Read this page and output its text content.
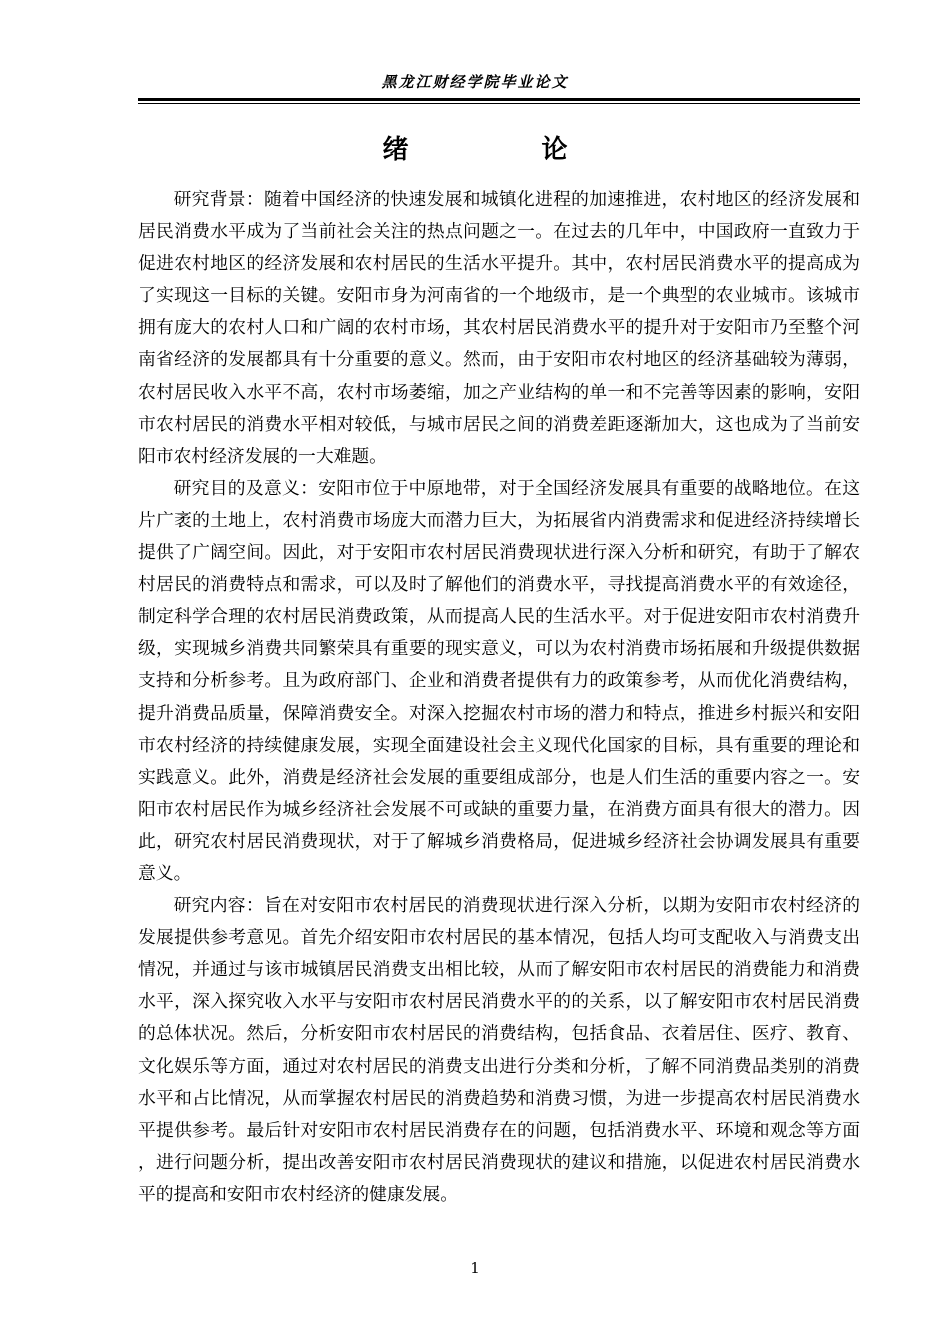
黑龙江财经学院毕业论文
绪 论

研究背景：随着中国经济的快速发展和城镇化进程的加速推进，农村地区的经济发展和居民消费水平成为了当前社会关注的热点问题之一。在过去的几年中，中国政府一直致力于促进农村地区的经济发展和农村居民的生活水平提升。其中，农村居民消费水平的提高成为了实现这一目标的关键。安阳市身为河南省的一个地级市，是一个典型的农业城市。该城市拥有庞大的农村人口和广阔的农村市场，其农村居民消费水平的提升对于安阳市乃至整个河南省经济的发展都具有十分重要的意义。然而，由于安阳市农村地区的经济基础较为薄弱，农村居民收入水平不高，农村市场萎缩，加之产业结构的单一和不完善等因素的影响，安阳市农村居民的消费水平相对较低，与城市居民之间的消费差距逐渐加大，这也成为了当前安阳市农村经济发展的一大难题。

研究目的及意义：安阳市位于中原地带，对于全国经济发展具有重要的战略地位。在这片广袤的土地上，农村消费市场庞大而潜力巨大，为拓展省内消费需求和促进经济持续增长提供了广阔空间。因此，对于安阳市农村居民消费现状进行深入分析和研究，有助于了解农村居民的消费特点和需求，可以及时了解他们的消费水平，寻找提高消费水平的有效途径，制定科学合理的农村居民消费政策，从而提高人民的生活水平。对于促进安阳市农村消费升级，实现城乡消费共同繁荣具有重要的现实意义，可以为农村消费市场拓展和升级提供数据支持和分析参考。且为政府部门、企业和消费者提供有力的政策参考，从而优化消费结构，提升消费品质量，保障消费安全。对深入挖掘农村市场的潜力和特点，推进乡村振兴和安阳市农村经济的持续健康发展，实现全面建设社会主义现代化国家的目标，具有重要的理论和实践意义。此外，消费是经济社会发展的重要组成部分，也是人们生活的重要内容之一。安阳市农村居民作为城乡经济社会发展不可或缺的重要力量，在消费方面具有很大的潜力。因此，研究农村居民消费现状，对于了解城乡消费格局，促进城乡经济社会协调发展具有重要意义。

研究内容：旨在对安阳市农村居民的消费现状进行深入分析，以期为安阳市农村经济的发展提供参考意见。首先介绍安阳市农村居民的基本情况，包括人均可支配收入与消费支出情况，并通过与该市城镇居民消费支出相比较，从而了解安阳市农村居民的消费能力和消费水平，深入探究收入水平与安阳市农村居民消费水平的的关系，以了解安阳市农村居民消费的总体状况。然后，分析安阳市农村居民的消费结构，包括食品、衣着居住、医疗、教育、文化娱乐等方面，通过对农村居民的消费支出进行分类和分析，了解不同消费品类别的消费水平和占比情况，从而掌握农村居民的消费趋势和消费习惯，为进一步提高农村居民消费水平提供参考。最后针对安阳市农村居民消费存在的问题，包括消费水平、环境和观念等方面，进行问题分析，提出改善安阳市农村居民消费现状的建议和措施，以促进农村居民消费水平的提高和安阳市农村经济的健康发展。

1
